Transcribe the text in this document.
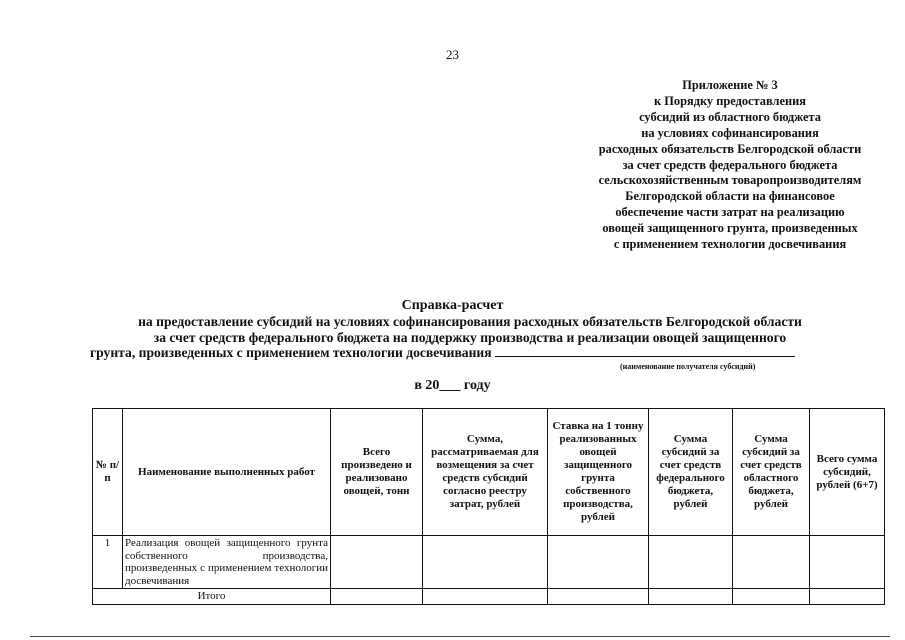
23
Приложение № 3
к Порядку предоставления
субсидий из областного бюджета
на условиях софинансирования
расходных обязательств Белгородской области
за счет средств федерального бюджета
сельскохозяйственным товаропроизводителям
Белгородской области на финансовое
обеспечение части затрат на реализацию
овощей защищенного грунта, произведенных
с применением технологии досвечивания
Справка-расчет
на предоставление субсидий на условиях софинансирования расходных обязательств Белгородской области
за счет средств федерального бюджета на поддержку производства и реализации овощей защищенного
грунта, произведенных с применением технологии досвечивания
(наименование получателя субсидий)
в 20___ году
№ п/п	Наименование выполненных работ	Всего произведено и реализовано овощей, тонн	Сумма, рассматриваемая для возмещения за счет средств субсидий согласно реестру затрат, рублей	Ставка на 1 тонну реализованных овощей защищенного грунта собственного производства, рублей	Сумма субсидий за счет средств федерального бюджета, рублей	Сумма субсидий за счет средств областного бюджета, рублей	Всего сумма субсидий, рублей (6+7)
1	Реализация овощей защищенного грунта собственного производства, произведенных с применением технологии досвечивания						
Итого							
